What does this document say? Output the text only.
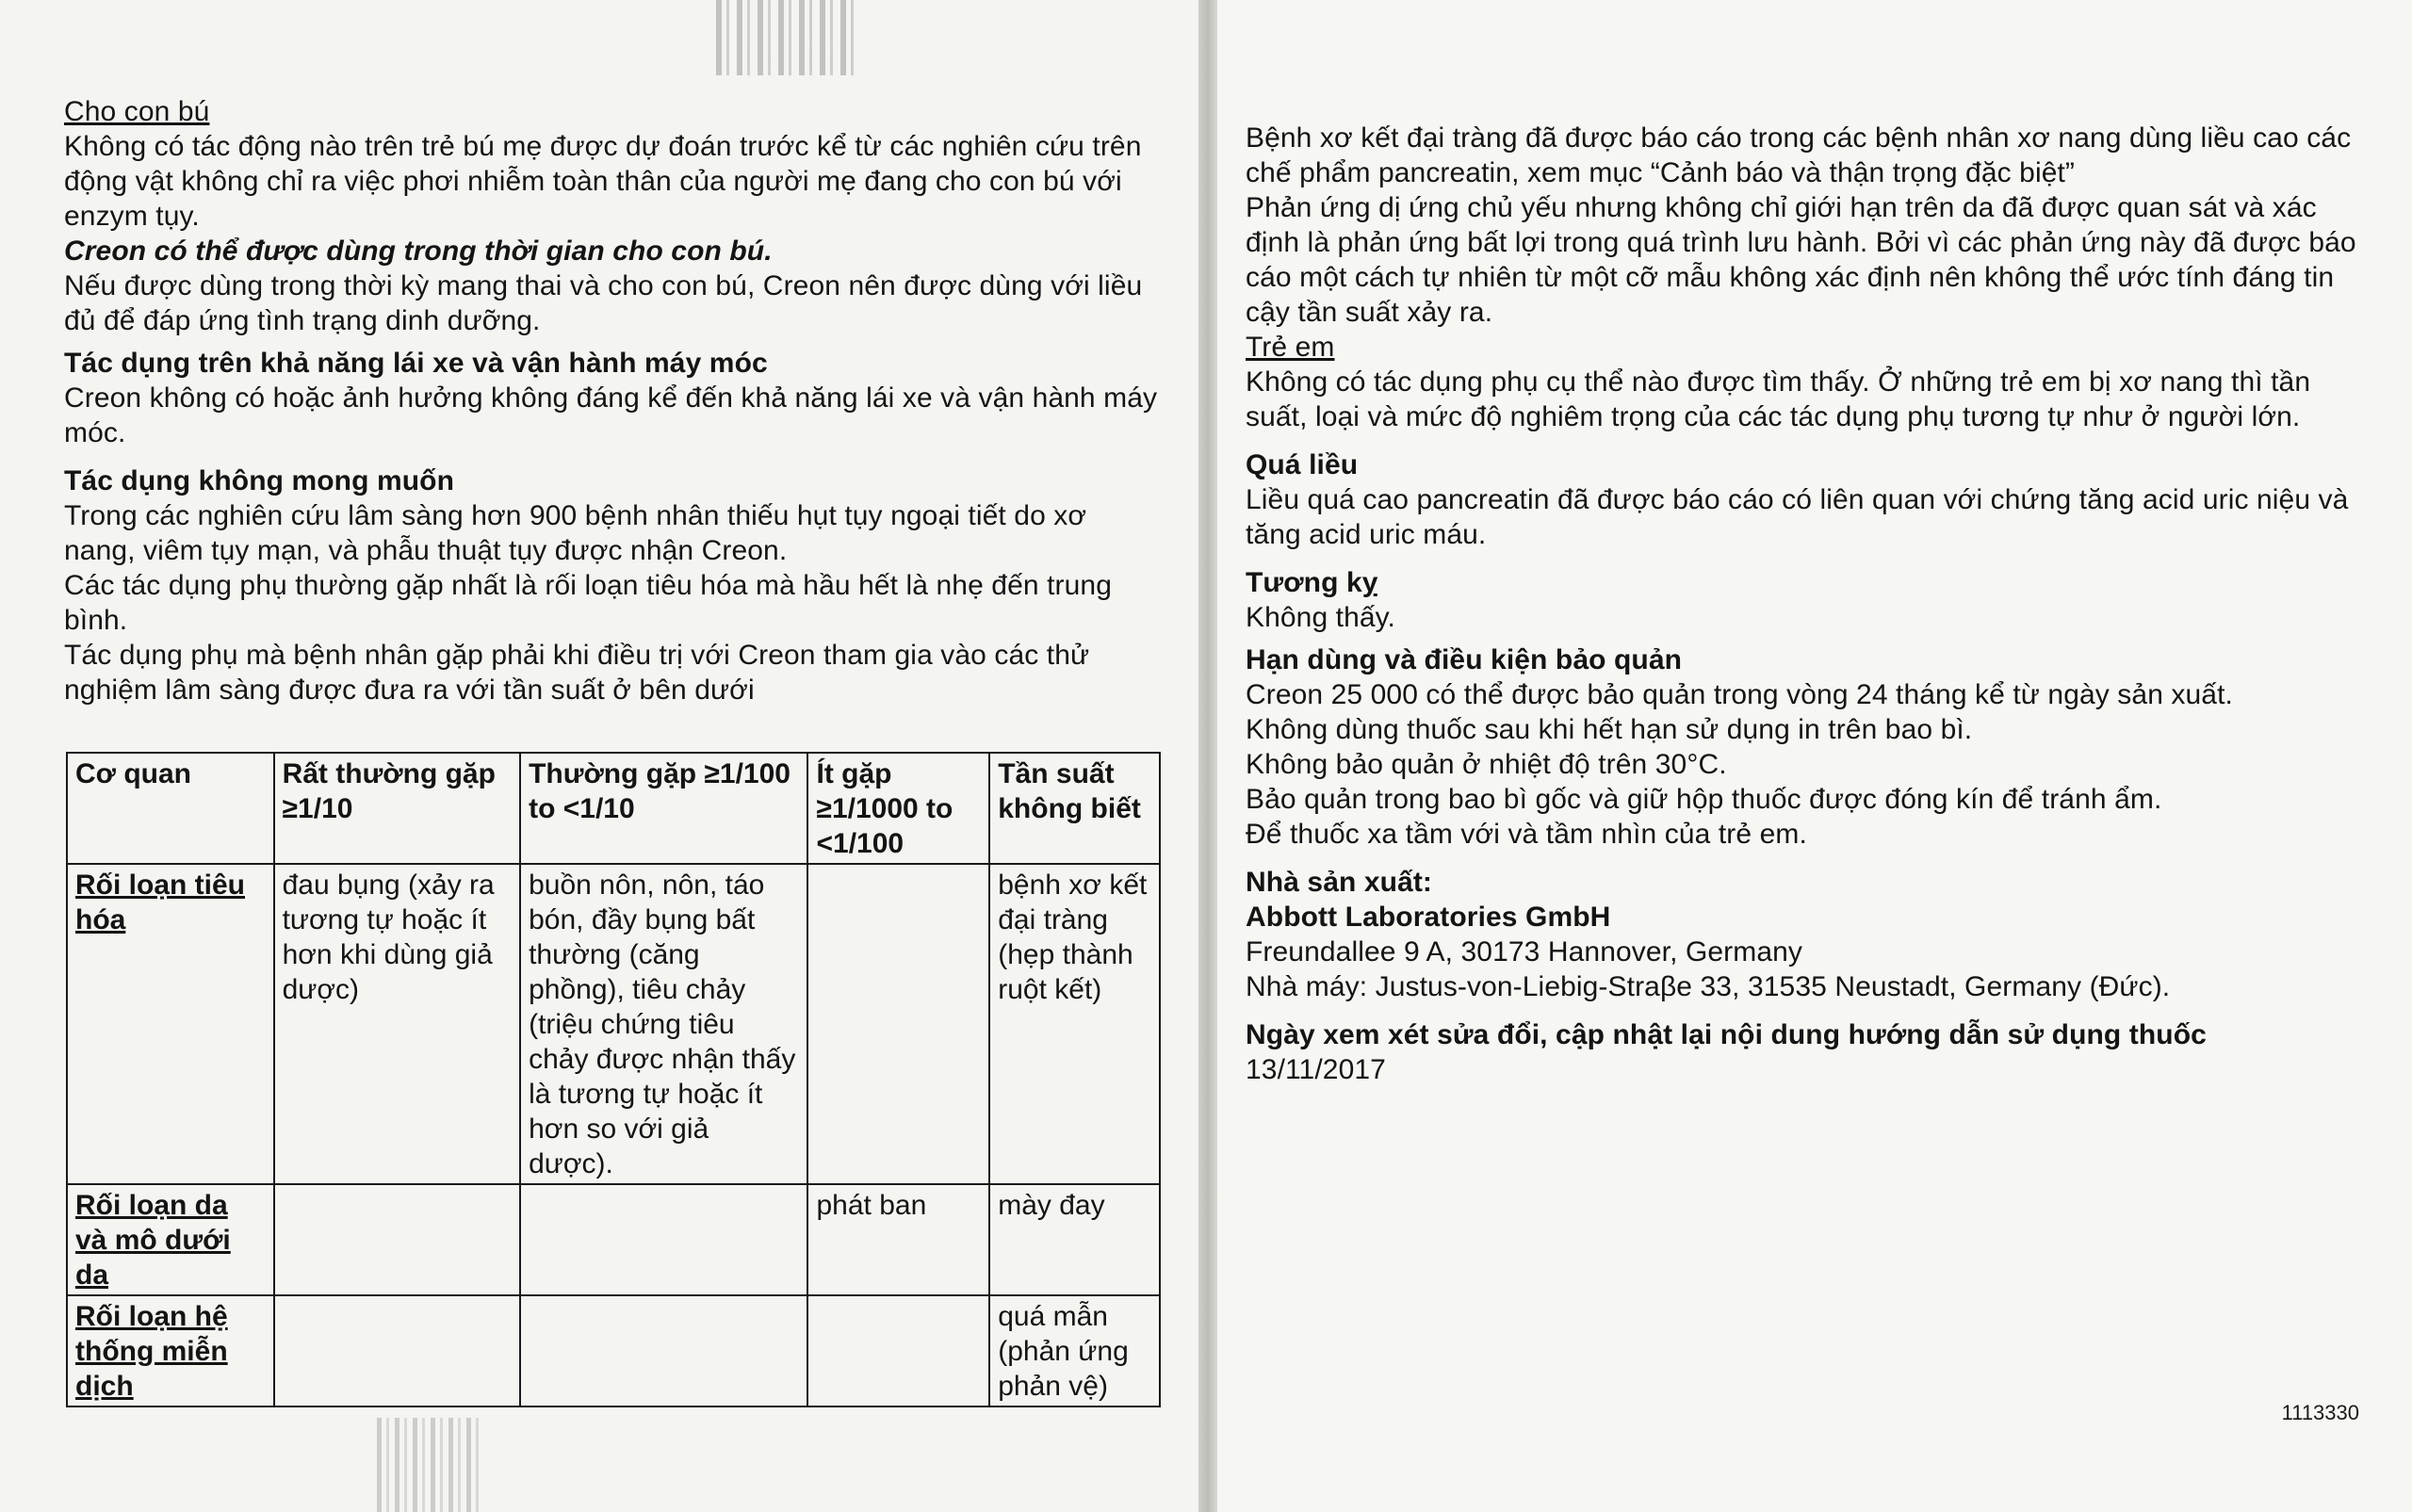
Cho con bú

Không có tác động nào trên trẻ bú mẹ được dự đoán trước kể từ các nghiên cứu trên động vật không chỉ ra việc phơi nhiễm toàn thân của người mẹ đang cho con bú với enzym tụy.

Creon có thể được dùng trong thời gian cho con bú.

Nếu được dùng trong thời kỳ mang thai và cho con bú, Creon nên được dùng với liều đủ để đáp ứng tình trạng dinh dưỡng.

Tác dụng trên khả năng lái xe và vận hành máy móc

Creon không có hoặc ảnh hưởng không đáng kể đến khả năng lái xe và vận hành máy móc.

Tác dụng không mong muốn

Trong các nghiên cứu lâm sàng hơn 900 bệnh nhân thiếu hụt tụy ngoại tiết do xơ nang, viêm tụy mạn, và phẫu thuật tụy được nhận Creon.

Các tác dụng phụ thường gặp nhất là rối loạn tiêu hóa mà hầu hết là nhẹ đến trung bình.

Tác dụng phụ mà bệnh nhân gặp phải khi điều trị với Creon tham gia vào các thử nghiệm lâm sàng được đưa ra với tần suất ở bên dưới

Cơ quan	Rất thường gặp ≥1/10	Thường gặp ≥1/100 to <1/10	Ít gặp ≥1/1000 to <1/100	Tần suất không biết
Rối loạn tiêu hóa	đau bụng (xảy ra tương tự hoặc ít hơn khi dùng giả dược)	buồn nôn, nôn, táo bón, đầy bụng bất thường (căng phồng), tiêu chảy (triệu chứng tiêu chảy được nhận thấy là tương tự hoặc ít hơn so với giả dược).		bệnh xơ kết đại tràng (hẹp thành ruột kết)
Rối loạn da và mô dưới da			phát ban	mày đay
Rối loạn hệ thống miễn dịch				quá mẫn (phản ứng phản vệ)

Bệnh xơ kết đại tràng đã được báo cáo trong các bệnh nhân xơ nang dùng liều cao các chế phẩm pancreatin, xem mục “Cảnh báo và thận trọng đặc biệt”

Phản ứng dị ứng chủ yếu nhưng không chỉ giới hạn trên da đã được quan sát và xác định là phản ứng bất lợi trong quá trình lưu hành. Bởi vì các phản ứng này đã được báo cáo một cách tự nhiên từ một cỡ mẫu không xác định nên không thể ước tính đáng tin cậy tần suất xảy ra.

Trẻ em

Không có tác dụng phụ cụ thể nào được tìm thấy. Ở những trẻ em bị xơ nang thì tần suất, loại và mức độ nghiêm trọng của các tác dụng phụ tương tự như ở người lớn.

Quá liều

Liều quá cao pancreatin đã được báo cáo có liên quan với chứng tăng acid uric niệu và tăng acid uric máu.

Tương kỵ

Không thấy.

Hạn dùng và điều kiện bảo quản

Creon 25 000 có thể được bảo quản trong vòng 24 tháng kể từ ngày sản xuất.

Không dùng thuốc sau khi hết hạn sử dụng in trên bao bì.

Không bảo quản ở nhiệt độ trên 30°C.

Bảo quản trong bao bì gốc và giữ hộp thuốc được đóng kín để tránh ẩm.

Để thuốc xa tầm với và tầm nhìn của trẻ em.

Nhà sản xuất:

Abbott Laboratories GmbH

Freundallee 9 A, 30173 Hannover, Germany

Nhà máy: Justus-von-Liebig-Straβe 33, 31535 Neustadt, Germany (Đức).

Ngày xem xét sửa đổi, cập nhật lại nội dung hướng dẫn sử dụng thuốc

13/11/2017

1113330
